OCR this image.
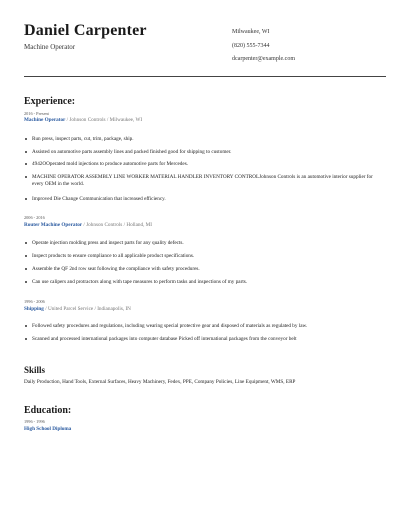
Daniel Carpenter
Machine Operator
Milwaukee, WI
(820) 555-7344
dcarpenter@example.com
Experience:
2016 - Present
Machine Operator / Johnson Controls / Milwaukee, WI
Run press, inspect parts, cut, trim, package, ship.
Assisted on automotive parts assembly lines and packed finished good for shipping to customer.
4942OOperated mold injections to produce automotive parts for Mercedes.
MACHINE OPERATOR ASSEMBLY LINE WORKER MATERIAL HANDLER INVENTORY CONTROLJohnson Controls is an automotive interior supplier for every OEM in the world.
Improved Die Change Communication that increased efficiency.
2006 - 2016
Router Machine Operator / Johnson Controls / Holland, MI
Operate injection molding press and inspect parts for any quality defects.
Inspect products to ensure compliance to all applicable product specifications.
Assemble the QF 2nd row seat following the compliance with safety procedures.
Can use calipers and protractors along with tape measures to perform tasks and inspections of my parts.
1996 - 2006
Shipping / United Parcel Service / Indianapolis, IN
Followed safety procedures and regulations, including wearing special protective gear and disposed of materials as regulated by law.
Scanned and processed international packages into computer database Picked off international packages from the conveyor belt
Skills
Daily Production, Hand Tools, External Surfaces, Heavy Machinery, Fedex, PPE, Company Policies, Line Equipment, WMS, ERP
Education:
1996 - 1996
High School Diploma
